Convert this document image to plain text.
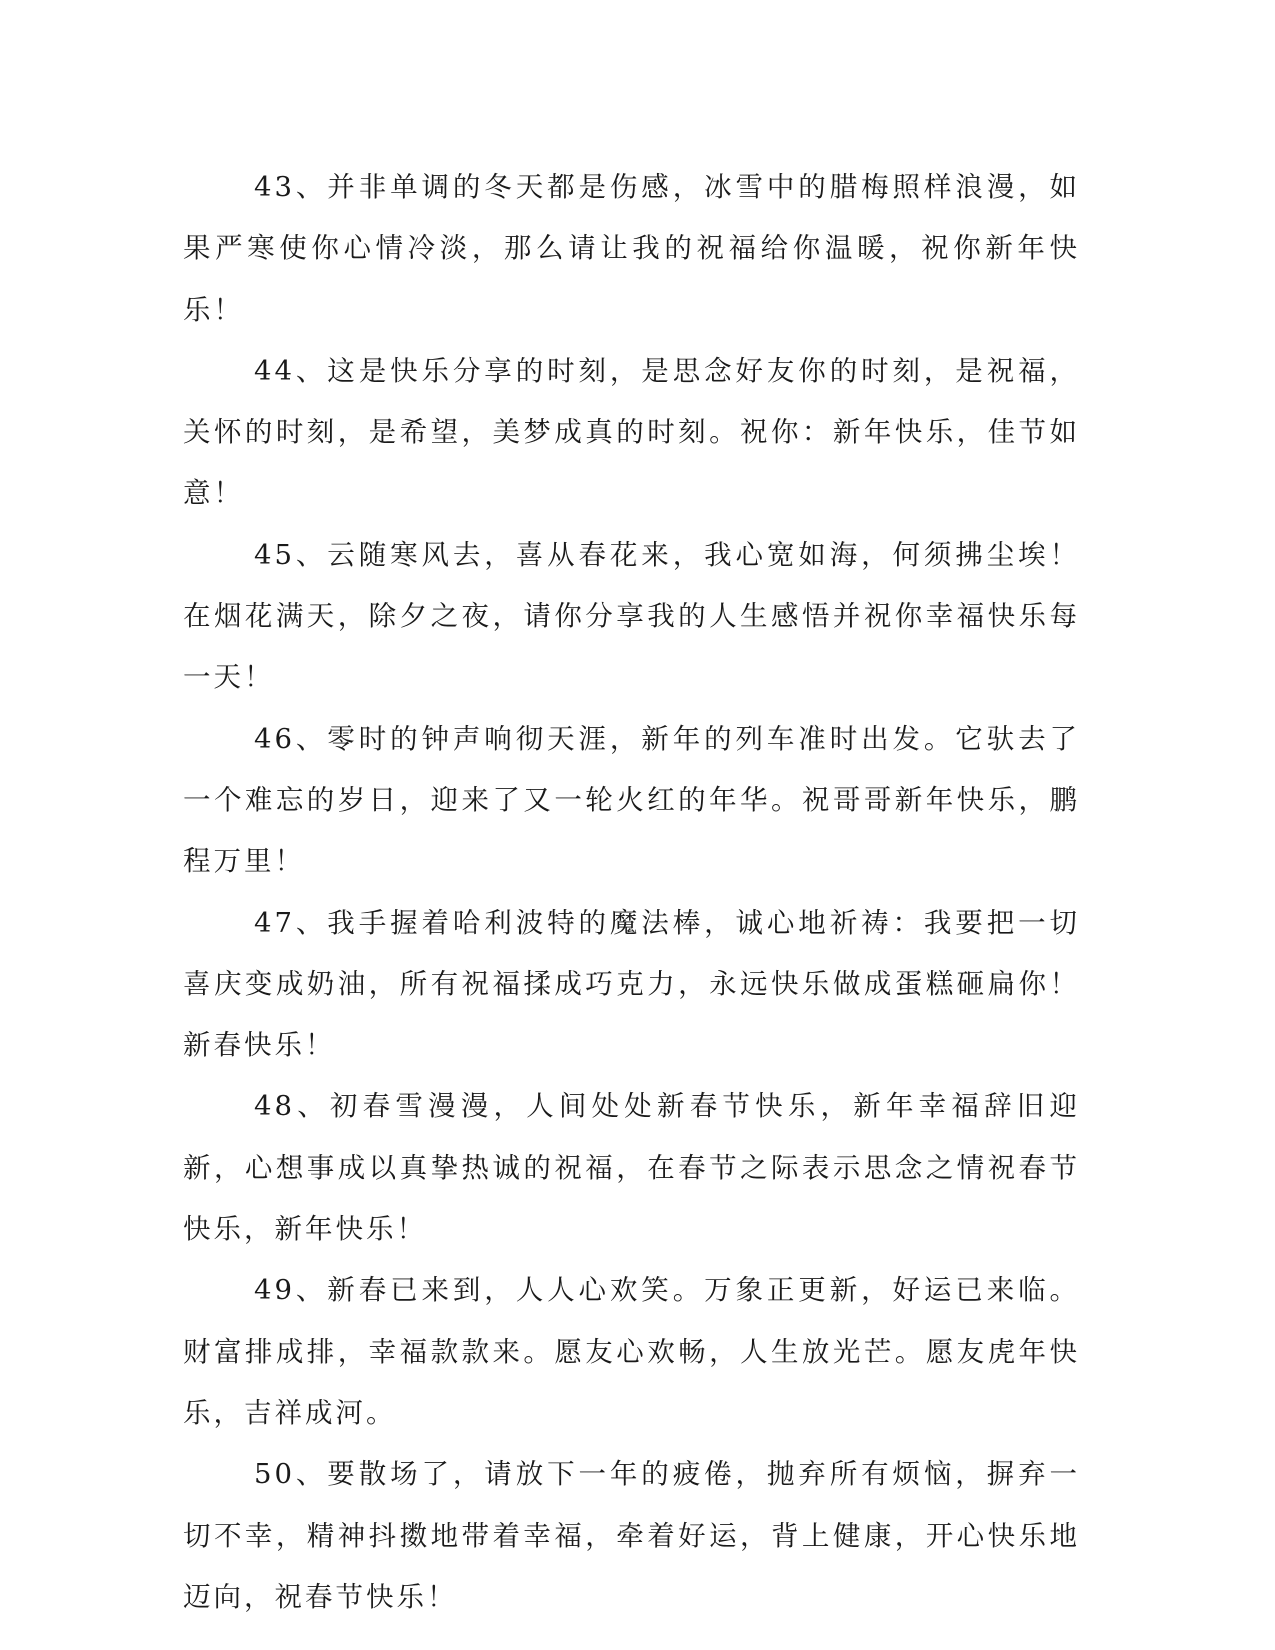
43、并非单调的冬天都是伤感，冰雪中的腊梅照样浪漫，如果严寒使你心情冷淡，那么请让我的祝福给你温暖，祝你新年快乐！

44、这是快乐分享的时刻，是思念好友你的时刻，是祝福，关怀的时刻，是希望，美梦成真的时刻。祝你：新年快乐，佳节如意！

45、云随寒风去，喜从春花来，我心宽如海，何须拂尘埃！在烟花满天，除夕之夜，请你分享我的人生感悟并祝你幸福快乐每一天！

46、零时的钟声响彻天涯，新年的列车准时出发。它驮去了一个难忘的岁日，迎来了又一轮火红的年华。祝哥哥新年快乐，鹏程万里！

47、我手握着哈利波特的魔法棒，诚心地祈祷：我要把一切喜庆变成奶油，所有祝福揉成巧克力，永远快乐做成蛋糕砸扁你！新春快乐！

48、初春雪漫漫，人间处处新春节快乐，新年幸福辞旧迎新，心想事成以真挚热诚的祝福，在春节之际表示思念之情祝春节快乐，新年快乐！

49、新春已来到，人人心欢笑。万象正更新，好运已来临。财富排成排，幸福款款来。愿友心欢畅，人生放光芒。愿友虎年快乐，吉祥成河。

50、要散场了，请放下一年的疲倦，抛弃所有烦恼，摒弃一切不幸，精神抖擞地带着幸福，牵着好运，背上健康，开心快乐地迈向，祝春节快乐！
